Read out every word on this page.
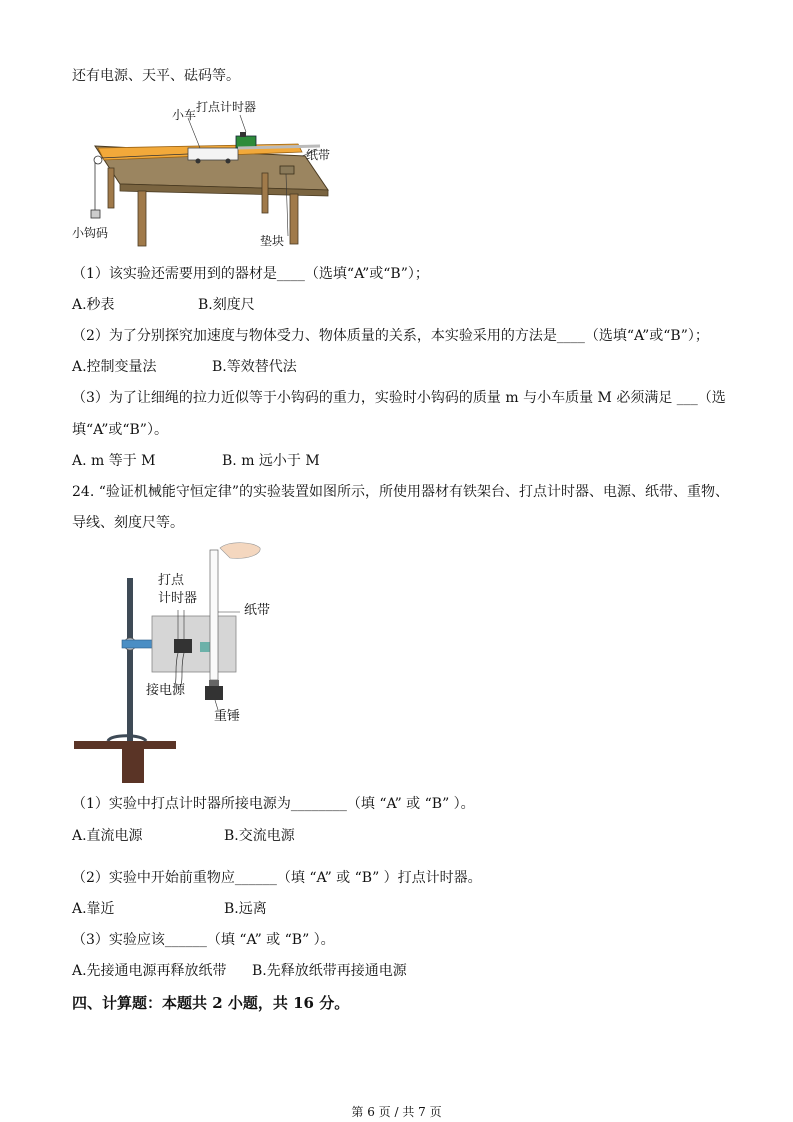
还有电源、天平、砝码等。
小车
打点计时器
纸带
小钩码
垫块
（1）该实验还需要用到的器材是____（选填“A”或“B”）；
A.秒表	B.刻度尺
（2）为了分别探究加速度与物体受力、物体质量的关系，本实验采用的方法是____（选填“A”或“B”）；
A.控制变量法	B.等效替代法
（3）为了让细绳的拉力近似等于小钩码的重力，实验时小钩码的质量 m 与小车质量 M 必须满足 ___（选
填“A”或“B”）。
A. m 等于 M	B. m 远小于 M
24. “验证机械能守恒定律”的实验装置如图所示，所使用器材有铁架台、打点计时器、电源、纸带、重物、
导线、刻度尺等。
打点
计时器
纸带
接电源
重锤
（1）实验中打点计时器所接电源为________（填 “A” 或 “B” ）。
A.直流电源	B.交流电源
（2）实验中开始前重物应______（填 “A” 或 “B” ）打点计时器。
A.靠近	B.远离
（3）实验应该______（填 “A” 或 “B” ）。
A.先接通电源再释放纸带 B.先释放纸带再接通电源
四、计算题：本题共 2 小题，共 16 分。
第 6 页 / 共 7 页
